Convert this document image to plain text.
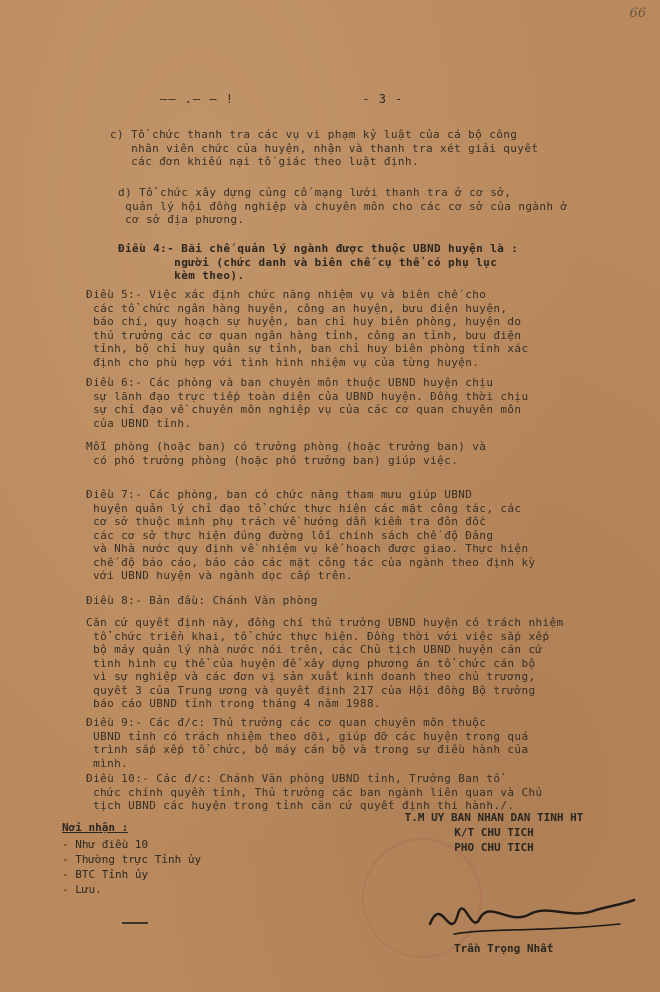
66
—— .— — !	- 3 -
c) Tổ chức thanh tra các vụ vi phạm kỷ luật của cá bộ công
nhân viên chức của huyện, nhận và thanh tra xét giải quyết
các đơn khiếu nại tố giác theo luật định.
d) Tổ chức xây dựng củng cố mạng lưới thanh tra ở cơ sở,
quản lý hội đồng nghiệp và chuyên môn cho các cơ sở của ngành ở
cơ sở địa phương.
Điều 4:- Bãi chế quản lý ngành được thuộc UBND huyện là :
người (chức danh và biên chế cụ thể có phụ lục
kèm theo).
Điều 5:- Việc xác định chức năng nhiệm vụ và biên chế cho
các tổ chức ngân hàng huyện, công an huyện, bưu điện huyện,
báo chí, quy hoạch sự huyện, ban chỉ huy biên phòng, huyện do
thủ trưởng các cơ quan ngân hàng tỉnh, công an tỉnh, bưu điện
tỉnh, bộ chỉ huy quân sự tỉnh, ban chỉ huy biên phòng tỉnh xác
định cho phù hợp với tình hình nhiệm vụ của từng huyện.
Điều 6:- Các phòng và ban chuyên môn thuộc UBND huyện chịu
sự lãnh đạo trực tiếp toàn diện của UBND huyện. Đồng thời chịu
sự chỉ đạo về chuyên môn nghiệp vụ của các cơ quan chuyên môn
của UBND tỉnh.
Mỗi phòng (hoặc ban) có trưởng phòng (hoặc trưởng ban) và
có phó trưởng phòng (hoặc phó trưởng ban) giúp việc.
Điều 7:- Các phòng, ban có chức năng tham mưu giúp UBND
huyện quản lý chỉ đạo tổ chức thực hiện các mặt công tác, các
cơ sở thuộc mình phụ trách về hướng dẫn kiểm tra đôn đốc
các cơ sở thực hiện đúng đường lối chính sách chế độ Đảng
và Nhà nước quy định về nhiệm vụ kế hoạch được giao. Thực hiện
chế độ báo cáo, báo cáo các mặt công tác của ngành theo định kỳ
với UBND huyện và ngành dọc cấp trên.
Điều 8:- Bản đầu: Chánh Văn phòng
Căn cứ quyết định này, đồng chí thủ trưởng UBND huyện có trách nhiệm
tổ chức triển khai, tổ chức thực hiện. Đồng thời với việc sắp xếp
bộ máy quản lý nhà nước nói trên, các Chủ tịch UBND huyện căn cứ
tình hình cụ thể của huyện để xây dựng phương án tổ chức cán bộ
vì sự nghiệp và các đơn vị sản xuất kinh doanh theo chủ trương,
quyết 3 của Trung ương và quyết định 217 của Hội đồng Bộ trưởng
báo cáo UBND tỉnh trong tháng 4 năm 1988.
Điều 9:- Các đ/c: Thủ trưởng các cơ quan chuyên môn thuộc
UBND tỉnh có trách nhiệm theo dõi, giúp đỡ các huyện trong quá
trình sắp xếp tổ chức, bộ máy cán bộ và trong sự điều hành của
mình.
Điều 10:- Các đ/c: Chánh Văn phòng UBND tỉnh, Trưởng Ban tổ
chức chính quyền tỉnh, Thủ trưởng các ban ngành liên quan và Chủ
tịch UBND các huyện trong tỉnh căn cứ quyết định thi hành./.
Nơi nhận :
- Như điều 10
- Thường trực Tỉnh ủy
- BTC Tỉnh ủy
- Lưu.
T.M UY BAN NHAN DAN TINH HT
K/T CHU TICH
PHO CHU TICH
Trần Trọng Nhất
